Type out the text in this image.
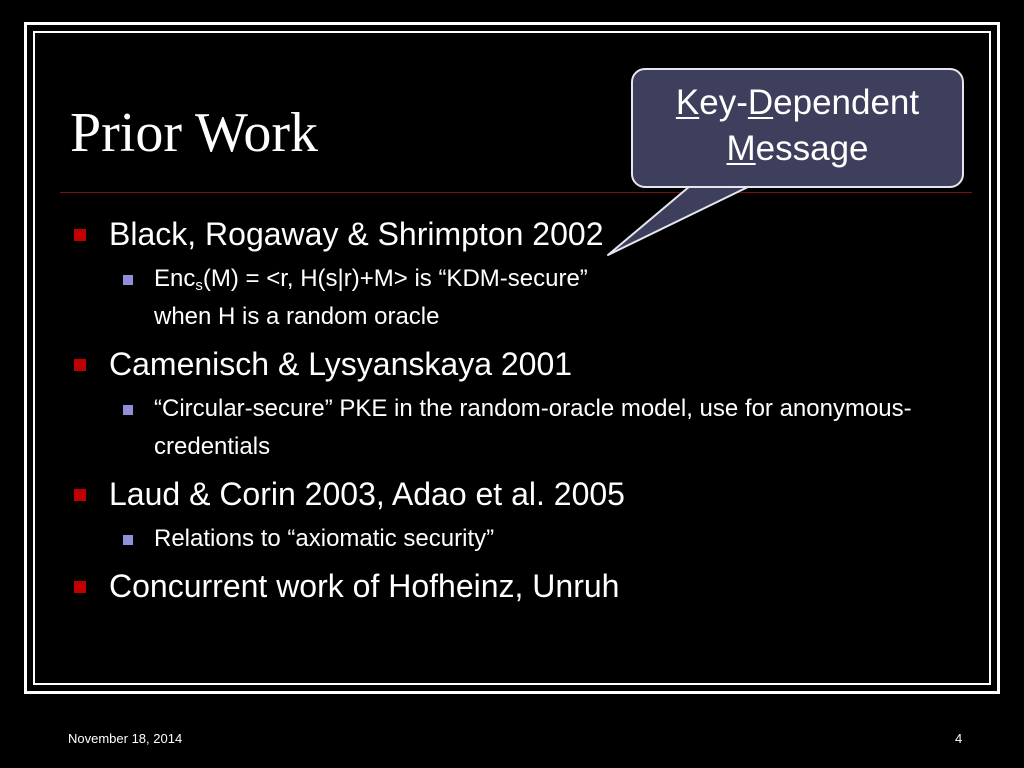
Prior Work
Black, Rogaway & Shrimpton 2002
Enc$_s$(M) = <r, H(s|r)+M> is “KDM-secure”
when H is a random oracle
Camenisch & Lysyanskaya 2001
“Circular-secure” PKE in the random-oracle model, use for anonymous-credentials
Laud & Corin 2003, Adao et al. 2005
Relations to “axiomatic security”
Concurrent work of Hofheinz, Unruh
Key-Dependent
Message
November 18, 2014	4
